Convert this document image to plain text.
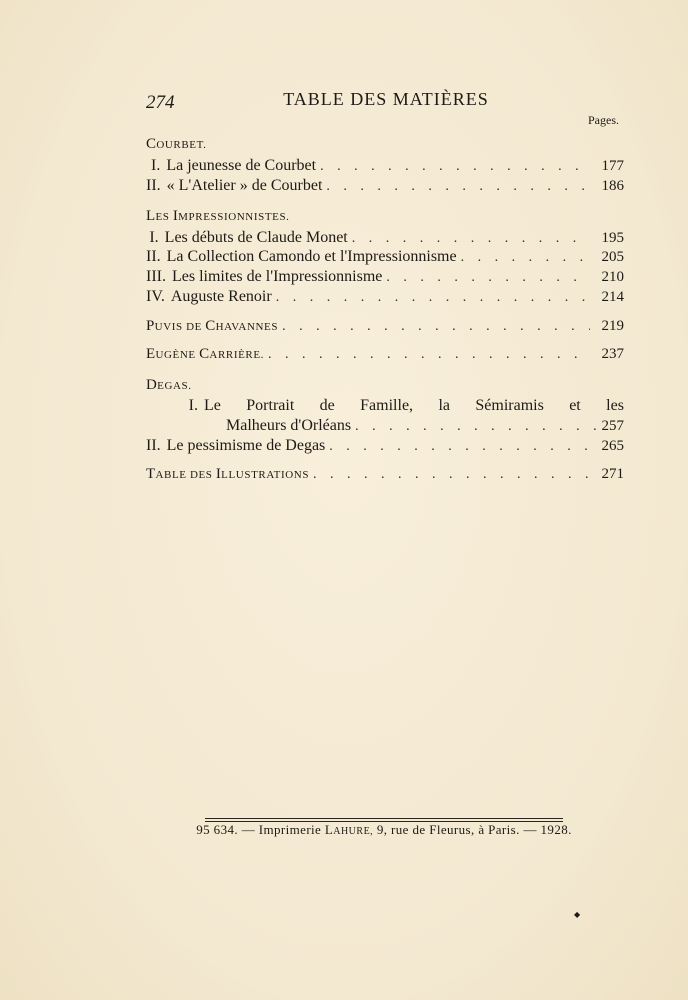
274	TABLE DES MATIÈRES
Pages.
COURBET.
I. La jeunesse de Courbet . . .	177
II. « L'Atelier » de Courbet . . .	186
LES IMPRESSIONNISTES.
I. Les débuts de Claude Monet . . .	195
II. La Collection Camondo et l'Impressionnisme . . .	205
III. Les limites de l'Impressionnisme . . .	210
IV. Auguste Renoir . . .	214
PUVIS DE CHAVANNES . . .	219
EUGÈNE CARRIÈRE. . . .	237
DEGAS.
I. Le Portrait de Famille, la Sémiramis et les
Malheurs d'Orléans . . .	257
II. Le pessimisme de Degas . . .	265
TABLE DES ILLUSTRATIONS . . .	271
95 634. — Imprimerie LAHURE, 9, rue de Fleurus, à Paris. — 1928.
◆
